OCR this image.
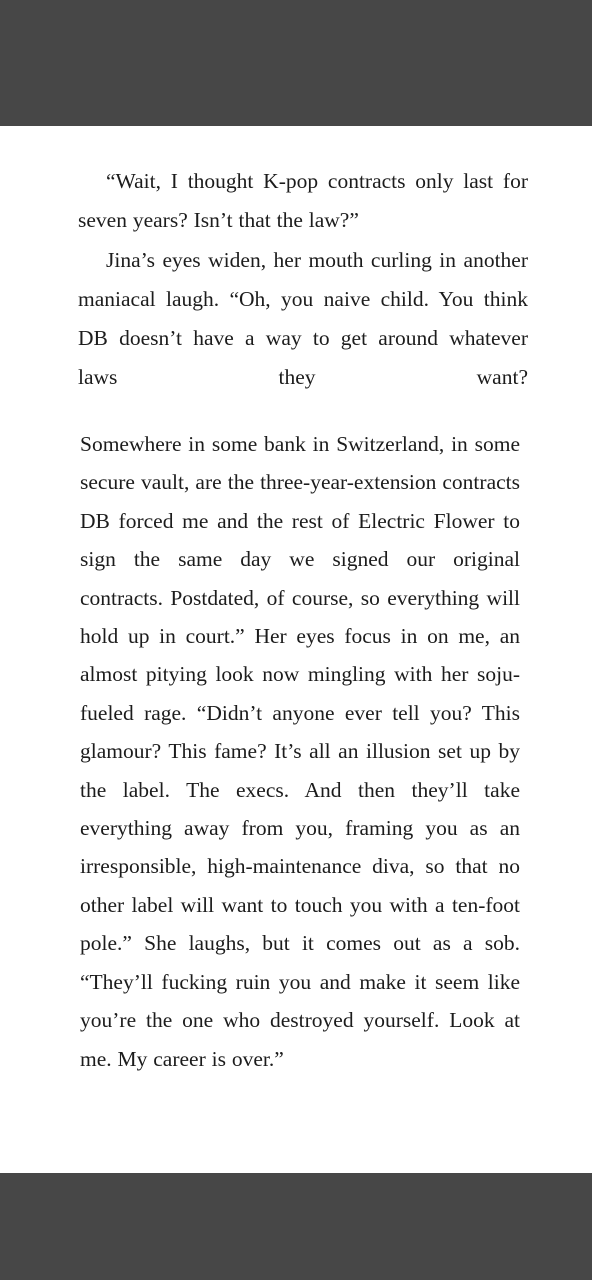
“Wait, I thought K-pop contracts only last for seven years? Isn’t that the law?”

Jina’s eyes widen, her mouth curling in another maniacal laugh. “Oh, you naive child. You think DB doesn’t have a way to get around whatever laws they want?

Somewhere in some bank in Switzerland, in some secure vault, are the three-year-extension contracts DB forced me and the rest of Electric Flower to sign the same day we signed our original contracts. Postdated, of course, so everything will hold up in court.” Her eyes focus in on me, an almost pitying look now mingling with her soju-fueled rage. “Didn’t anyone ever tell you? This glamour? This fame? It’s all an illusion set up by the label. The execs. And then they’ll take everything away from you, framing you as an irresponsible, high-maintenance diva, so that no other label will want to touch you with a ten-foot pole.” She laughs, but it comes out as a sob. “They’ll fucking ruin you and make it seem like you’re the one who destroyed yourself. Look at me. My career is over.”
